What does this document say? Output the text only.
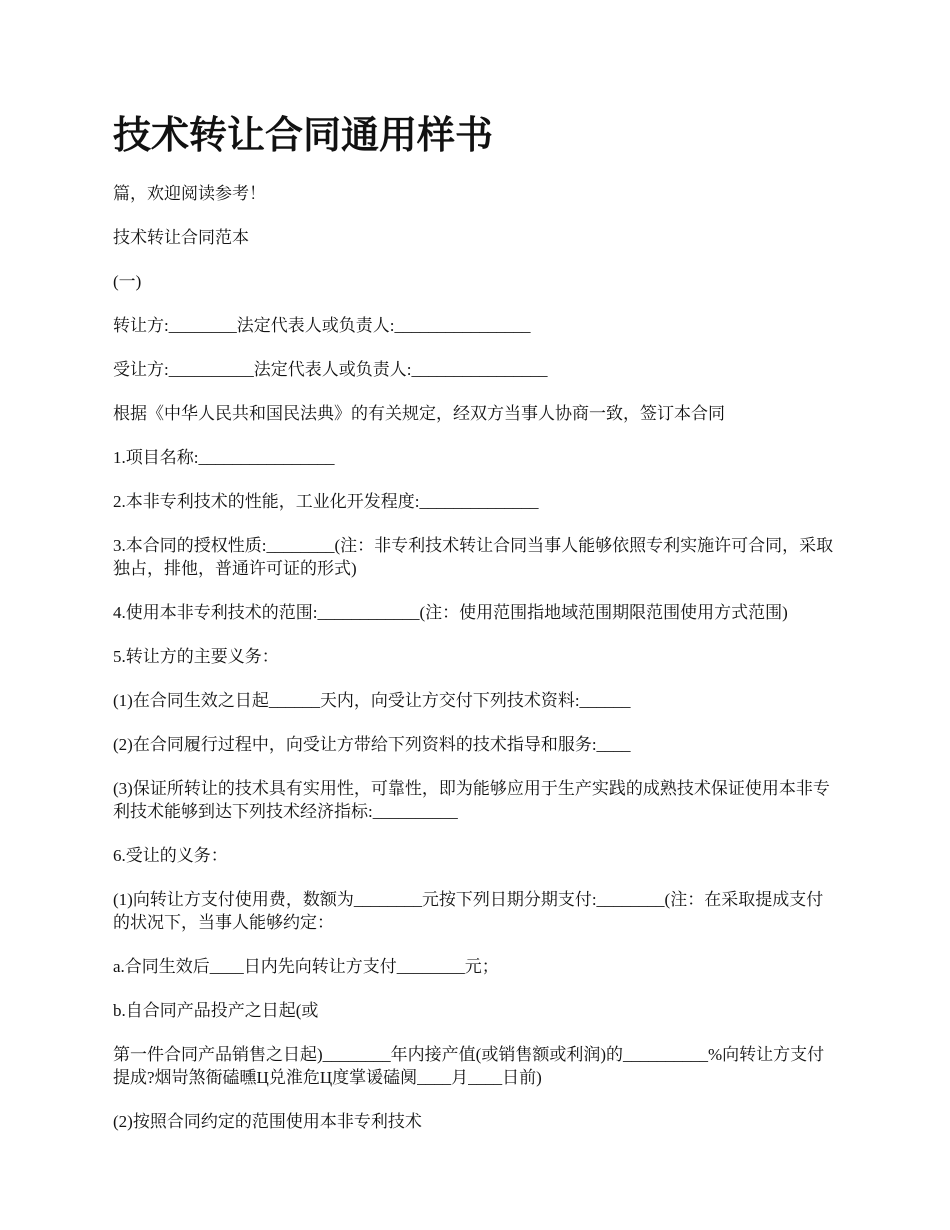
技术转让合同通用样书

篇，欢迎阅读参考！

技术转让合同范本

(一)

转让方:________法定代表人或负责人:________________

受让方:__________法定代表人或负责人:________________

根据《中华人民共和国民法典》的有关规定，经双方当事人协商一致，签订本合同

1.项目名称:________________

2.本非专利技术的性能，工业化开发程度:______________

3.本合同的授权性质:________(注：非专利技术转让合同当事人能够依照专利实施许可合同，采取独占，排他，普通许可证的形式)

4.使用本非专利技术的范围:____________(注：使用范围指地域范围期限范围使用方式范围)

5.转让方的主要义务：

(1)在合同生效之日起______天内，向受让方交付下列技术资料:______

(2)在合同履行过程中，向受让方带给下列资料的技术指导和服务:____

(3)保证所转让的技术具有实用性，可靠性，即为能够应用于生产实践的成熟技术保证使用本非专利技术能够到达下列技术经济指标:__________

6.受让的义务：

(1)向转让方支付使用费，数额为________元按下列日期分期支付:________(注：在采取提成支付的状况下，当事人能够约定：

a.合同生效后____日内先向转让方支付________元；

b.自合同产品投产之日起(或

第一件合同产品销售之日起)________年内接产值(或销售额或利润)的__________%向转让方支付提成?烟岢煞衙磕曛Ц兑淮危Ц度掌谖磕阒____月____日前)

(2)按照合同约定的范围使用本非专利技术
